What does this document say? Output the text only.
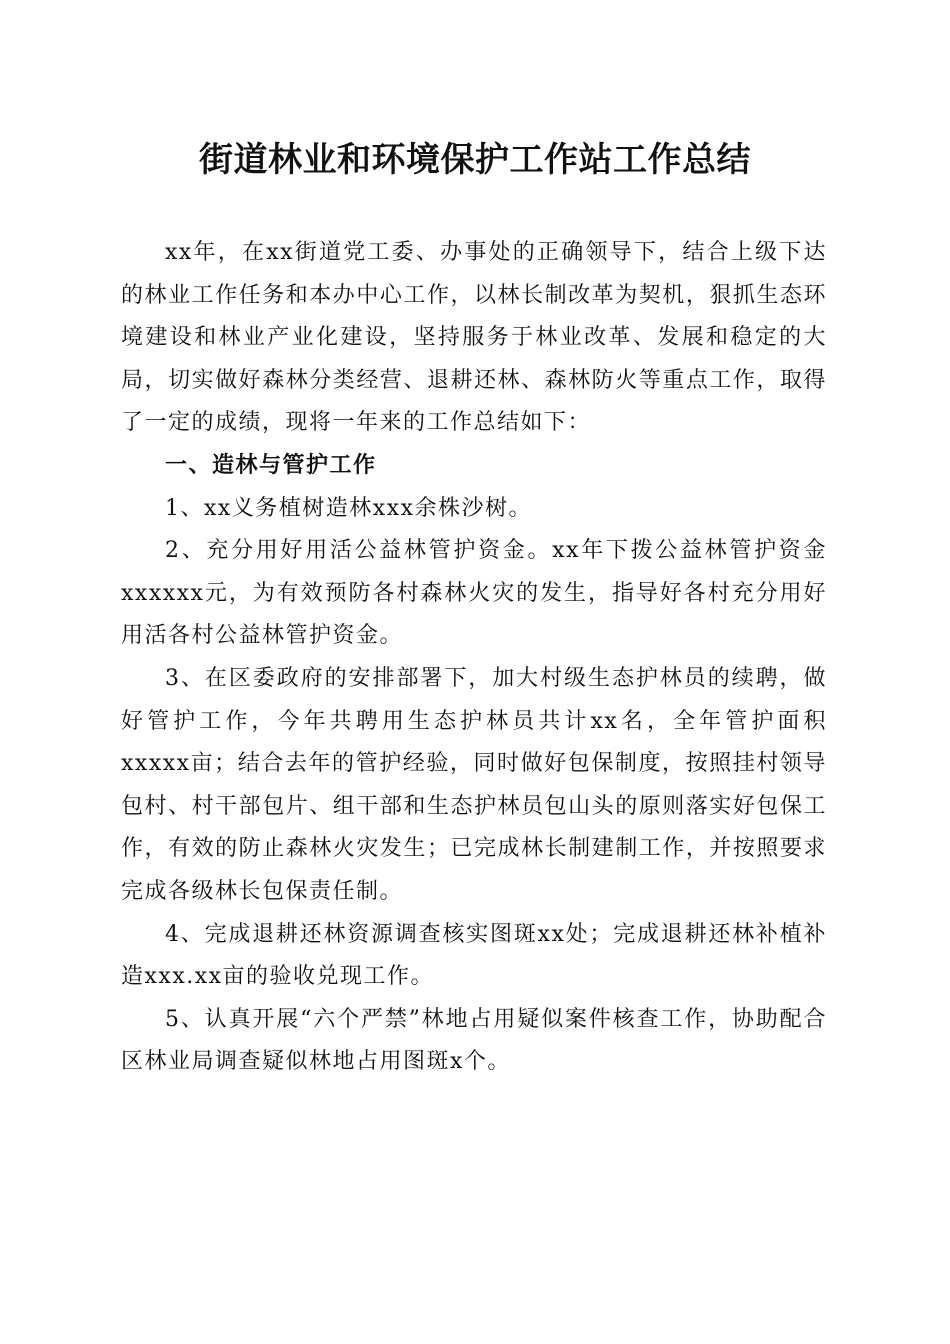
街道林业和环境保护工作站工作总结

xx年，在xx街道党工委、办事处的正确领导下，结合上级下达的林业工作任务和本办中心工作，以林长制改革为契机，狠抓生态环境建设和林业产业化建设，坚持服务于林业改革、发展和稳定的大局，切实做好森林分类经营、退耕还林、森林防火等重点工作，取得了一定的成绩，现将一年来的工作总结如下：

一、造林与管护工作

1、xx义务植树造林xxx余株沙树。

2、充分用好用活公益林管护资金。xx年下拨公益林管护资金xxxxxx元，为有效预防各村森林火灾的发生，指导好各村充分用好用活各村公益林管护资金。

3、在区委政府的安排部署下，加大村级生态护林员的续聘，做好管护工作，今年共聘用生态护林员共计xx名，全年管护面积xxxxx亩；结合去年的管护经验，同时做好包保制度，按照挂村领导包村、村干部包片、组干部和生态护林员包山头的原则落实好包保工作，有效的防止森林火灾发生；已完成林长制建制工作，并按照要求完成各级林长包保责任制。

4、完成退耕还林资源调查核实图斑xx处；完成退耕还林补植补造xxx.xx亩的验收兑现工作。

5、认真开展“六个严禁”林地占用疑似案件核查工作，协助配合区林业局调查疑似林地占用图斑x个。
